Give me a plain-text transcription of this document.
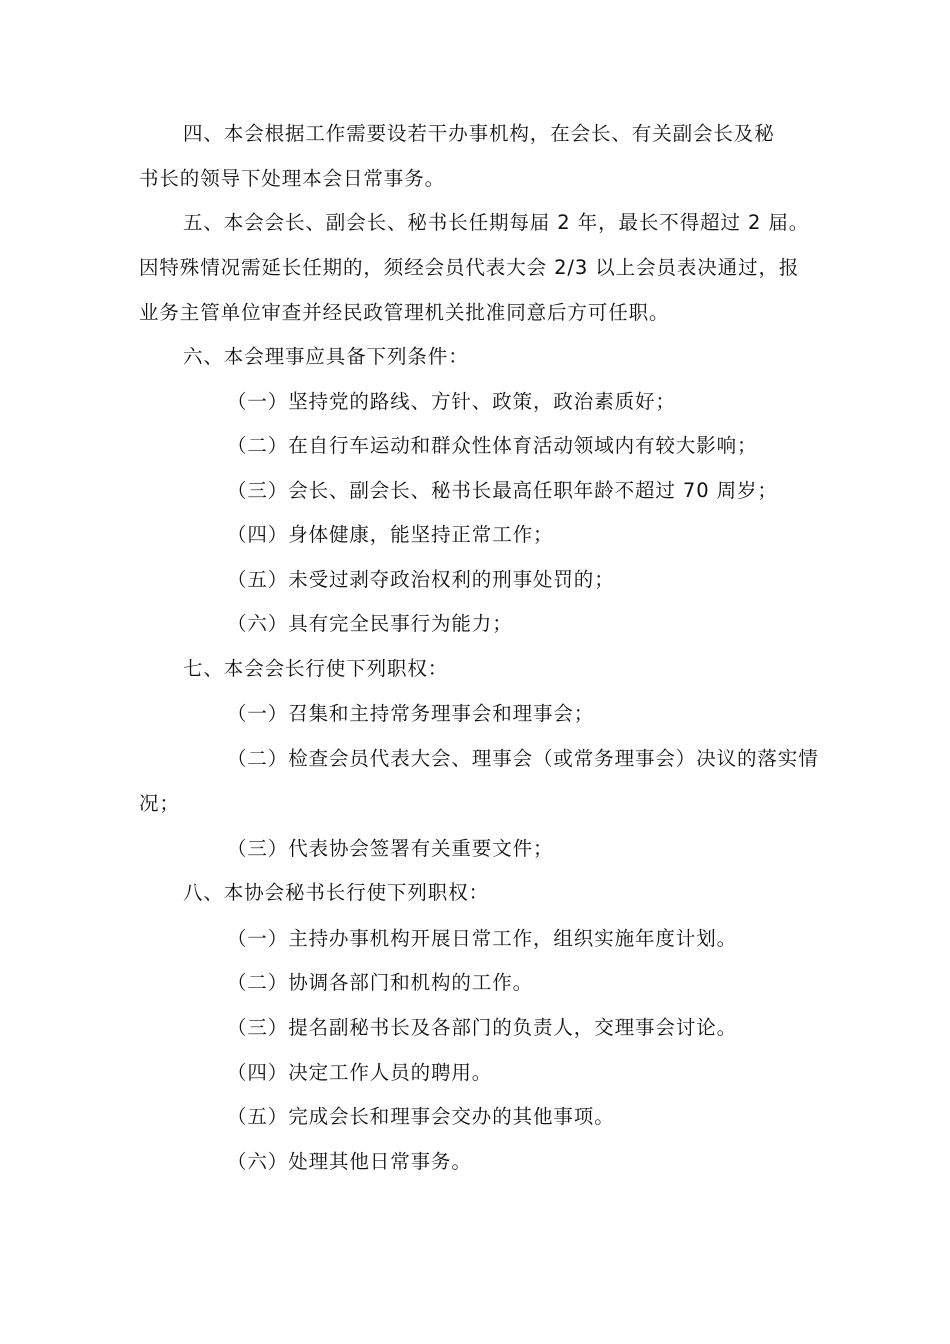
四、本会根据工作需要设若干办事机构，在会长、有关副会长及秘

书长的领导下处理本会日常事务。

五、本会会长、副会长、秘书长任期每届 2 年，最长不得超过 2 届。

因特殊情况需延长任期的，须经会员代表大会 2/3 以上会员表决通过，报

业务主管单位审查并经民政管理机关批准同意后方可任职。

六、本会理事应具备下列条件：

（一）坚持党的路线、方针、政策，政治素质好；

（二）在自行车运动和群众性体育活动领域内有较大影响；

（三）会长、副会长、秘书长最高任职年龄不超过 70 周岁；

（四）身体健康，能坚持正常工作；

（五）未受过剥夺政治权利的刑事处罚的；

（六）具有完全民事行为能力；

七、本会会长行使下列职权：

（一）召集和主持常务理事会和理事会；

（二）检查会员代表大会、理事会（或常务理事会）决议的落实情

况；

（三）代表协会签署有关重要文件；

八、本协会秘书长行使下列职权：

（一）主持办事机构开展日常工作，组织实施年度计划。

（二）协调各部门和机构的工作。

（三）提名副秘书长及各部门的负责人，交理事会讨论。

（四）决定工作人员的聘用。

（五）完成会长和理事会交办的其他事项。

（六）处理其他日常事务。
